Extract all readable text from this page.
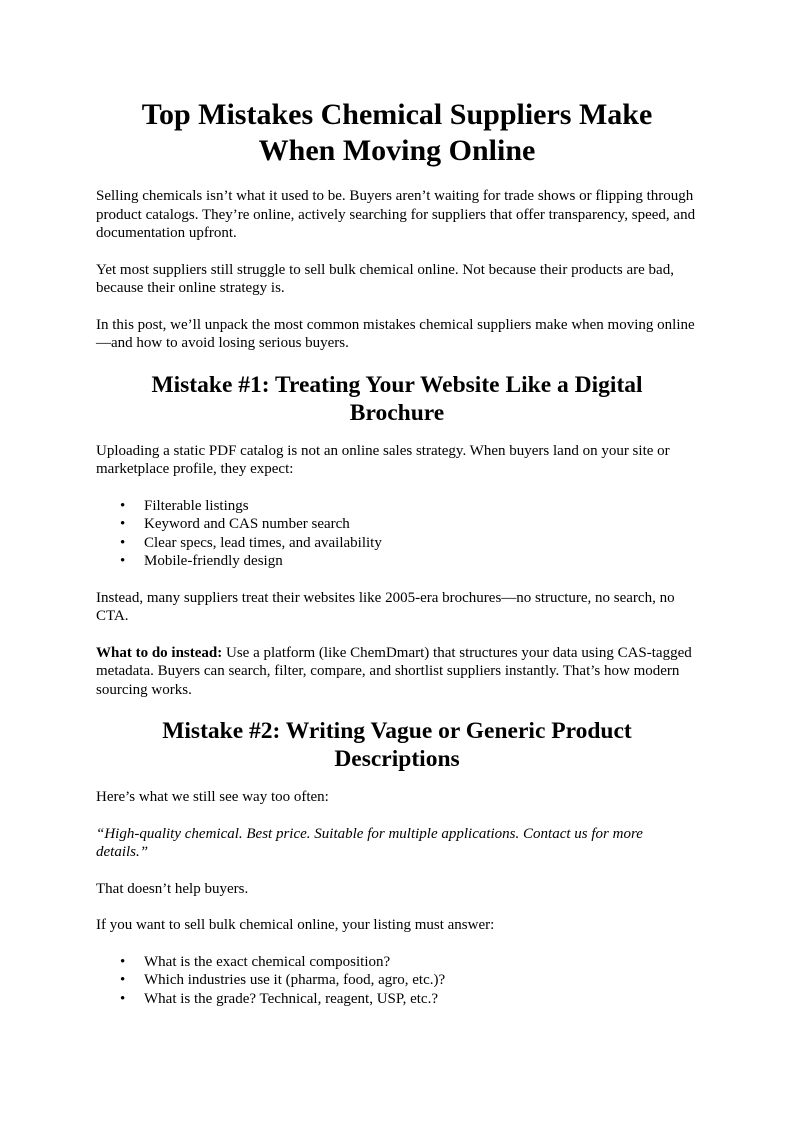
Top Mistakes Chemical Suppliers Make When Moving Online

Selling chemicals isn’t what it used to be. Buyers aren’t waiting for trade shows or flipping through product catalogs. They’re online, actively searching for suppliers that offer transparency, speed, and documentation upfront.

Yet most suppliers still struggle to sell bulk chemical online. Not because their products are bad, because their online strategy is.

In this post, we’ll unpack the most common mistakes chemical suppliers make when moving online—and how to avoid losing serious buyers.

Mistake #1: Treating Your Website Like a Digital Brochure

Uploading a static PDF catalog is not an online sales strategy. When buyers land on your site or marketplace profile, they expect:

• Filterable listings
• Keyword and CAS number search
• Clear specs, lead times, and availability
• Mobile-friendly design

Instead, many suppliers treat their websites like 2005-era brochures—no structure, no search, no CTA.

What to do instead: Use a platform (like ChemDmart) that structures your data using CAS-tagged metadata. Buyers can search, filter, compare, and shortlist suppliers instantly. That’s how modern sourcing works.

Mistake #2: Writing Vague or Generic Product Descriptions

Here’s what we still see way too often:

“High-quality chemical. Best price. Suitable for multiple applications. Contact us for more details.”

That doesn’t help buyers.

If you want to sell bulk chemical online, your listing must answer:

• What is the exact chemical composition?
• Which industries use it (pharma, food, agro, etc.)?
• What is the grade? Technical, reagent, USP, etc.?
